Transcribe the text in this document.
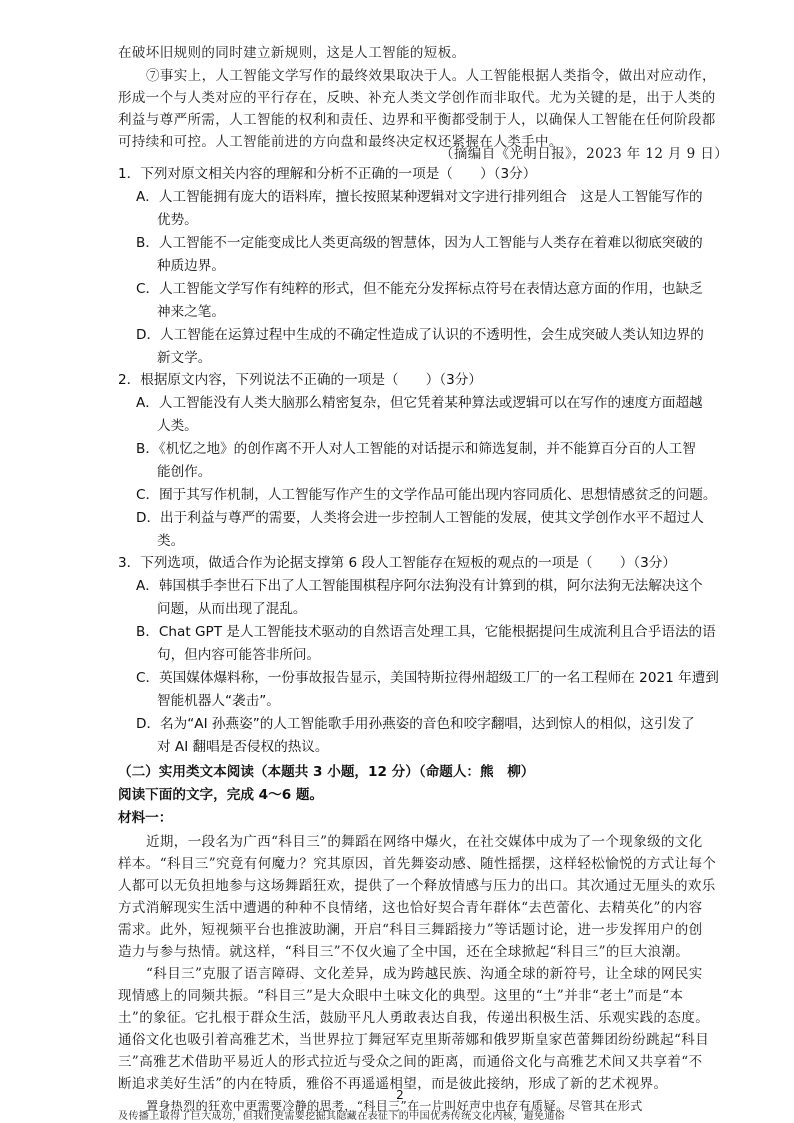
在破坏旧规则的同时建立新规则，这是人工智能的短板。
⑦事实上，人工智能文学写作的最终效果取决于人。人工智能根据人类指令，做出对应动作，
形成一个与人类对应的平行存在，反映、补充人类文学创作而非取代。尤为关键的是，出于人类的
利益与尊严所需，人工智能的权利和责任、边界和平衡都受制于人，以确保人工智能在任何阶段都
可持续和可控。人工智能前进的方向盘和最终决定权还紧握在人类手中。
（摘编自《光明日报》，2023 年 12 月 9 日）
1．下列对原文相关内容的理解和分析不正确的一项是（　　）（3分）
A．人工智能拥有庞大的语料库，擅长按照某种逻辑对文字进行排列组合　这是人工智能写作的
优势。
B．人工智能不一定能变成比人类更高级的智慧体，因为人工智能与人类存在着难以彻底突破的
种质边界。
C．人工智能文学写作有纯粹的形式，但不能充分发挥标点符号在表情达意方面的作用，也缺乏
神来之笔。
D．人工智能在运算过程中生成的不确定性造成了认识的不透明性，会生成突破人类认知边界的
新文学。
2．根据原文内容，下列说法不正确的一项是（　　）（3分）
A．人工智能没有人类大脑那么精密复杂，但它凭着某种算法或逻辑可以在写作的速度方面超越
人类。
B．《机忆之地》的创作离不开人对人工智能的对话提示和筛选复制，并不能算百分百的人工智
能创作。
C．囿于其写作机制，人工智能写作产生的文学作品可能出现内容同质化、思想情感贫乏的问题。
D．出于利益与尊严的需要，人类将会进一步控制人工智能的发展，使其文学创作水平不超过人
类。
3．下列选项，做适合作为论据支撑第 6 段人工智能存在短板的观点的一项是（　　）（3分）
A．韩国棋手李世石下出了人工智能围棋程序阿尔法狗没有计算到的棋，阿尔法狗无法解决这个
问题，从而出现了混乱。
B．Chat GPT 是人工智能技术驱动的自然语言处理工具，它能根据提问生成流利且合乎语法的语
句，但内容可能答非所问。
C．英国媒体爆料称，一份事故报告显示，美国特斯拉得州超级工厂的一名工程师在 2021 年遭到
智能机器人“袭击”。
D．名为“AI 孙燕姿”的人工智能歌手用孙燕姿的音色和咬字翻唱，达到惊人的相似，这引发了
对 AI 翻唱是否侵权的热议。
（二）实用类文本阅读（本题共 3 小题，12 分）（命题人：熊　柳）
阅读下面的文字，完成 4～6 题。
材料一：
近期，一段名为广西“科目三”的舞蹈在网络中爆火，在社交媒体中成为了一个现象级的文化
样本。“科目三”究竟有何魔力？究其原因，首先舞姿动感、随性摇摆，这样轻松愉悦的方式让每个
人都可以无负担地参与这场舞蹈狂欢，提供了一个释放情感与压力的出口。其次通过无厘头的欢乐
方式消解现实生活中遭遇的种种不良情绪，这也恰好契合青年群体“去芭蕾化、去精英化”的内容
需求。此外，短视频平台也推波助澜，开启“科目三舞蹈接力”等话题讨论，进一步发挥用户的创
造力与参与热情。就这样，“科目三”不仅火遍了全中国，还在全球掀起“科目三”的巨大浪潮。
“科目三”克服了语言障碍、文化差异，成为跨越民族、沟通全球的新符号，让全球的网民实
现情感上的同频共振。“科目三”是大众眼中土味文化的典型。这里的“土”并非“老土”而是“本
土”的象征。它扎根于群众生活，鼓励平凡人勇敢表达自我，传递出积极生活、乐观实践的态度。
通俗文化也吸引着高雅艺术，当世界拉丁舞冠军克里斯蒂娜和俄罗斯皇家芭蕾舞团纷纷跳起“科目
三”高雅艺术借助平易近人的形式拉近与受众之间的距离，而通俗文化与高雅艺术间又共享着“不
断追求美好生活”的内在特质，雅俗不再遥遥相望，而是彼此接纳，形成了新的艺术视界。
置身热烈的狂欢中更需要冷静的思考，“科目三”在一片叫好声中也存有质疑。尽管其在形式
及传播上取得了巨大成功，但我们更需要挖掘其隐藏在表征下的中国优秀传统文化内核，避免通俗
2
